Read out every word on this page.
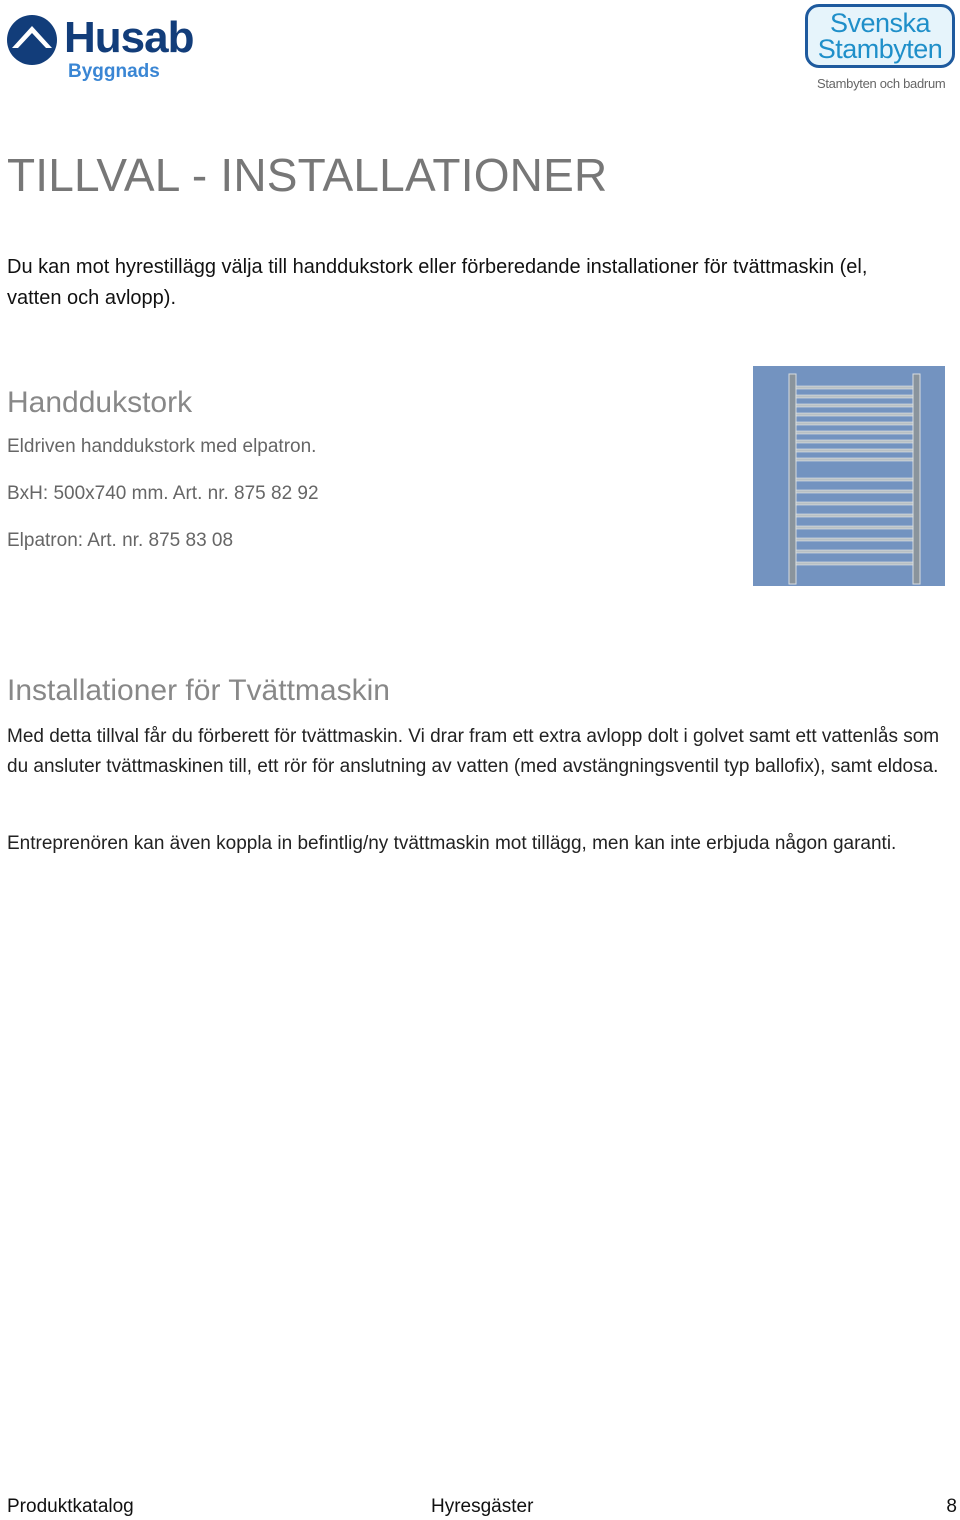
Husab
Byggnads
Svenska
Stambyten
Stambyten och badrum
TILLVAL - INSTALLATIONER

Du kan mot hyrestillägg välja till handdukstork eller förberedande installationer för tvättmaskin (el, vatten och avlopp).

Handdukstork
Eldriven handdukstork med elpatron.
BxH: 500x740 mm. Art. nr. 875 82 92
Elpatron: Art. nr. 875 83 08
Installationer för Tvättmaskin

Med detta tillval får du förberett för tvättmaskin. Vi drar fram ett extra avlopp dolt i golvet samt ett vattenlås som du ansluter tvättmaskinen till, ett rör för anslutning av vatten (med avstängningsventil typ ballofix), samt eldosa.

Entreprenören kan även koppla in befintlig/ny tvättmaskin mot tillägg, men kan inte erbjuda någon garanti.

Produktkatalog	Hyresgäster	8
